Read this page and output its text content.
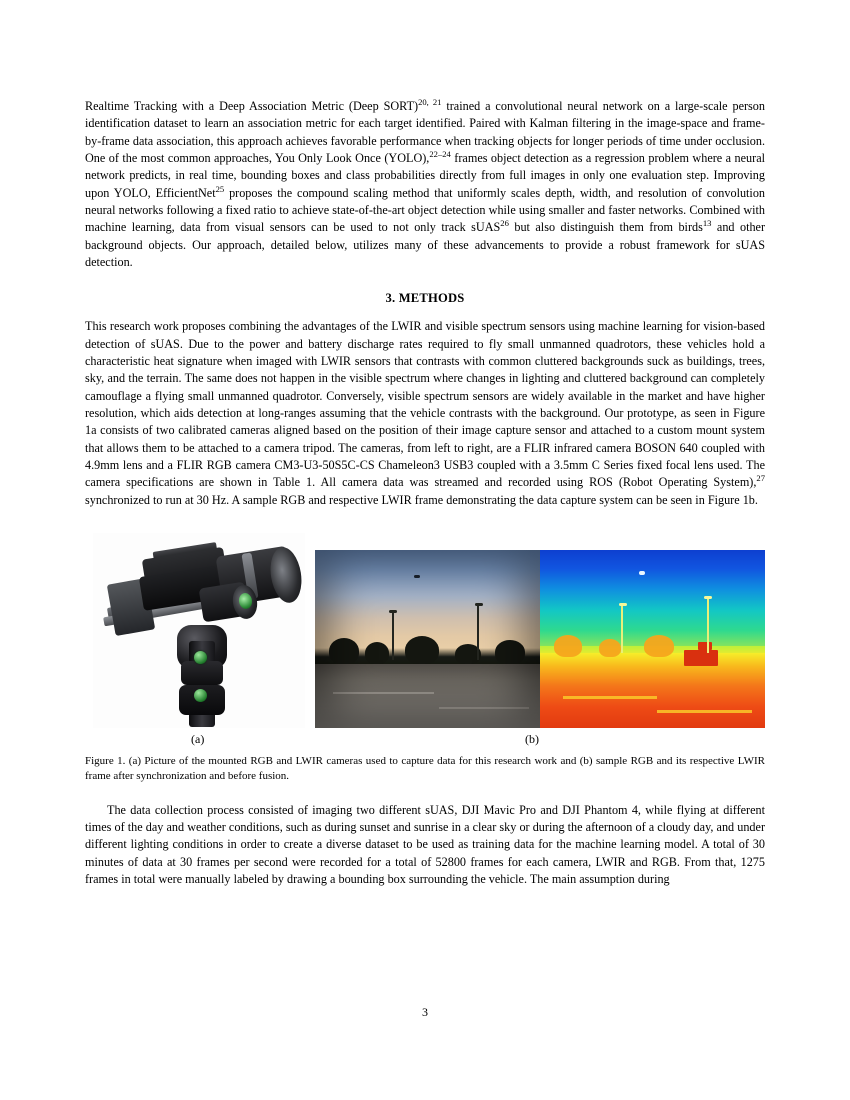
Realtime Tracking with a Deep Association Metric (Deep SORT)$^{20, 21}$ trained a convolutional neural network on a large-scale person identification dataset to learn an association metric for each target identified. Paired with Kalman filtering in the image-space and frame-by-frame data association, this approach achieves favorable performance when tracking objects for longer periods of time under occlusion. One of the most common approaches, You Only Look Once (YOLO),$^{22-24}$ frames object detection as a regression problem where a neural network predicts, in real time, bounding boxes and class probabilities directly from full images in only one evaluation step. Improving upon YOLO, EfficientNet$^{25}$ proposes the compound scaling method that uniformly scales depth, width, and resolution of convolution neural networks following a fixed ratio to achieve state-of-the-art object detection while using smaller and faster networks. Combined with machine learning, data from visual sensors can be used to not only track sUAS$^{26}$ but also distinguish them from birds$^{13}$ and other background objects. Our approach, detailed below, utilizes many of these advancements to provide a robust framework for sUAS detection.

3. METHODS

This research work proposes combining the advantages of the LWIR and visible spectrum sensors using machine learning for vision-based detection of sUAS. Due to the power and battery discharge rates required to fly small unmanned quadrotors, these vehicles hold a characteristic heat signature when imaged with LWIR sensors that contrasts with common cluttered backgrounds suck as buildings, trees, sky, and the terrain. The same does not happen in the visible spectrum where changes in lighting and cluttered background can completely camouflage a flying small unmanned quadrotor. Conversely, visible spectrum sensors are widely available in the market and have higher resolution, which aids detection at long-ranges assuming that the vehicle contrasts with the background. Our prototype, as seen in Figure 1a consists of two calibrated cameras aligned based on the position of their image capture sensor and attached to a custom mount system that allows them to be attached to a camera tripod. The cameras, from left to right, are a FLIR infrared camera BOSON 640 coupled with 4.9mm lens and a FLIR RGB camera CM3-U3-50S5C-CS Chameleon3 USB3 coupled with a 3.5mm C Series fixed focal lens used. The camera specifications are shown in Table 1. All camera data was streamed and recorded using ROS (Robot Operating System),$^{27}$ synchronized to run at 30 Hz. A sample RGB and respective LWIR frame demonstrating the data capture system can be seen in Figure 1b.

(a)	(b)
Figure 1. (a) Picture of the mounted RGB and LWIR cameras used to capture data for this research work and (b) sample RGB and its respective LWIR frame after synchronization and before fusion.

The data collection process consisted of imaging two different sUAS, DJI Mavic Pro and DJI Phantom 4, while flying at different times of the day and weather conditions, such as during sunset and sunrise in a clear sky or during the afternoon of a cloudy day, and under different lighting conditions in order to create a diverse dataset to be used as training data for the machine learning model. A total of 30 minutes of data at 30 frames per second were recorded for a total of 52800 frames for each camera, LWIR and RGB. From that, 1275 frames in total were manually labeled by drawing a bounding box surrounding the vehicle. The main assumption during

3
